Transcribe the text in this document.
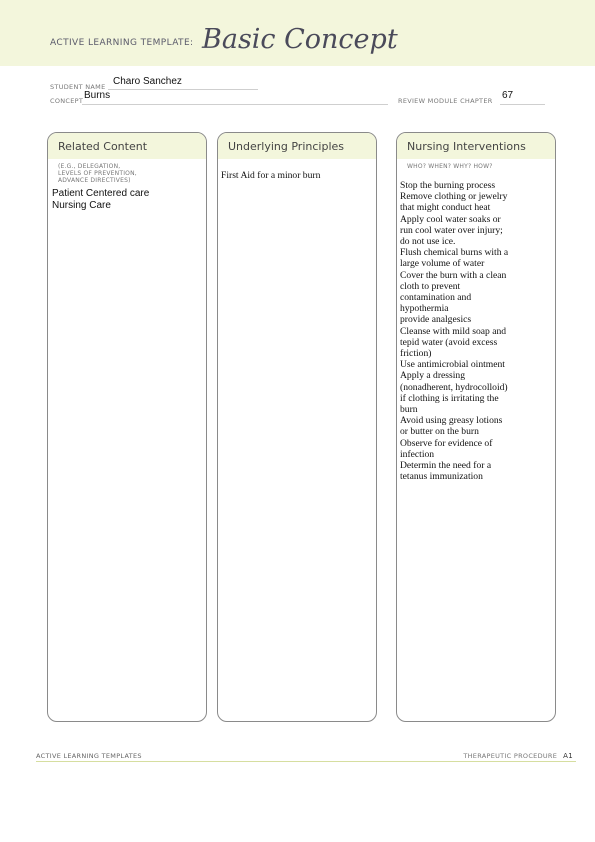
ACTIVE LEARNING TEMPLATE: Basic Concept
STUDENT NAME Charo Sanchez
CONCEPT Burns	REVIEW MODULE CHAPTER 67
Related Content
(E.G., DELEGATION,
LEVELS OF PREVENTION,
ADVANCE DIRECTIVES)
Patient Centered care
Nursing Care
Underlying Principles
First Aid for a minor burn
Nursing Interventions
WHO? WHEN? WHY? HOW?
Stop the burning process
Remove clothing or jewelry
that might conduct heat
Apply cool water soaks or
run cool water over injury;
do not use ice.
Flush chemical burns with a
large volume of water
Cover the burn with a clean
cloth to prevent
contamination and
hypothermia
provide analgesics
Cleanse with mild soap and
tepid water (avoid excess
friction)
Use antimicrobial ointment
Apply a dressing
(nonadherent, hydrocolloid)
if clothing is irritating the
burn
Avoid using greasy lotions
or butter on the burn
Observe for evidence of
infection
Determin the need for a
tetanus immunization
ACTIVE LEARNING TEMPLATES	THERAPEUTIC PROCEDURE A1
